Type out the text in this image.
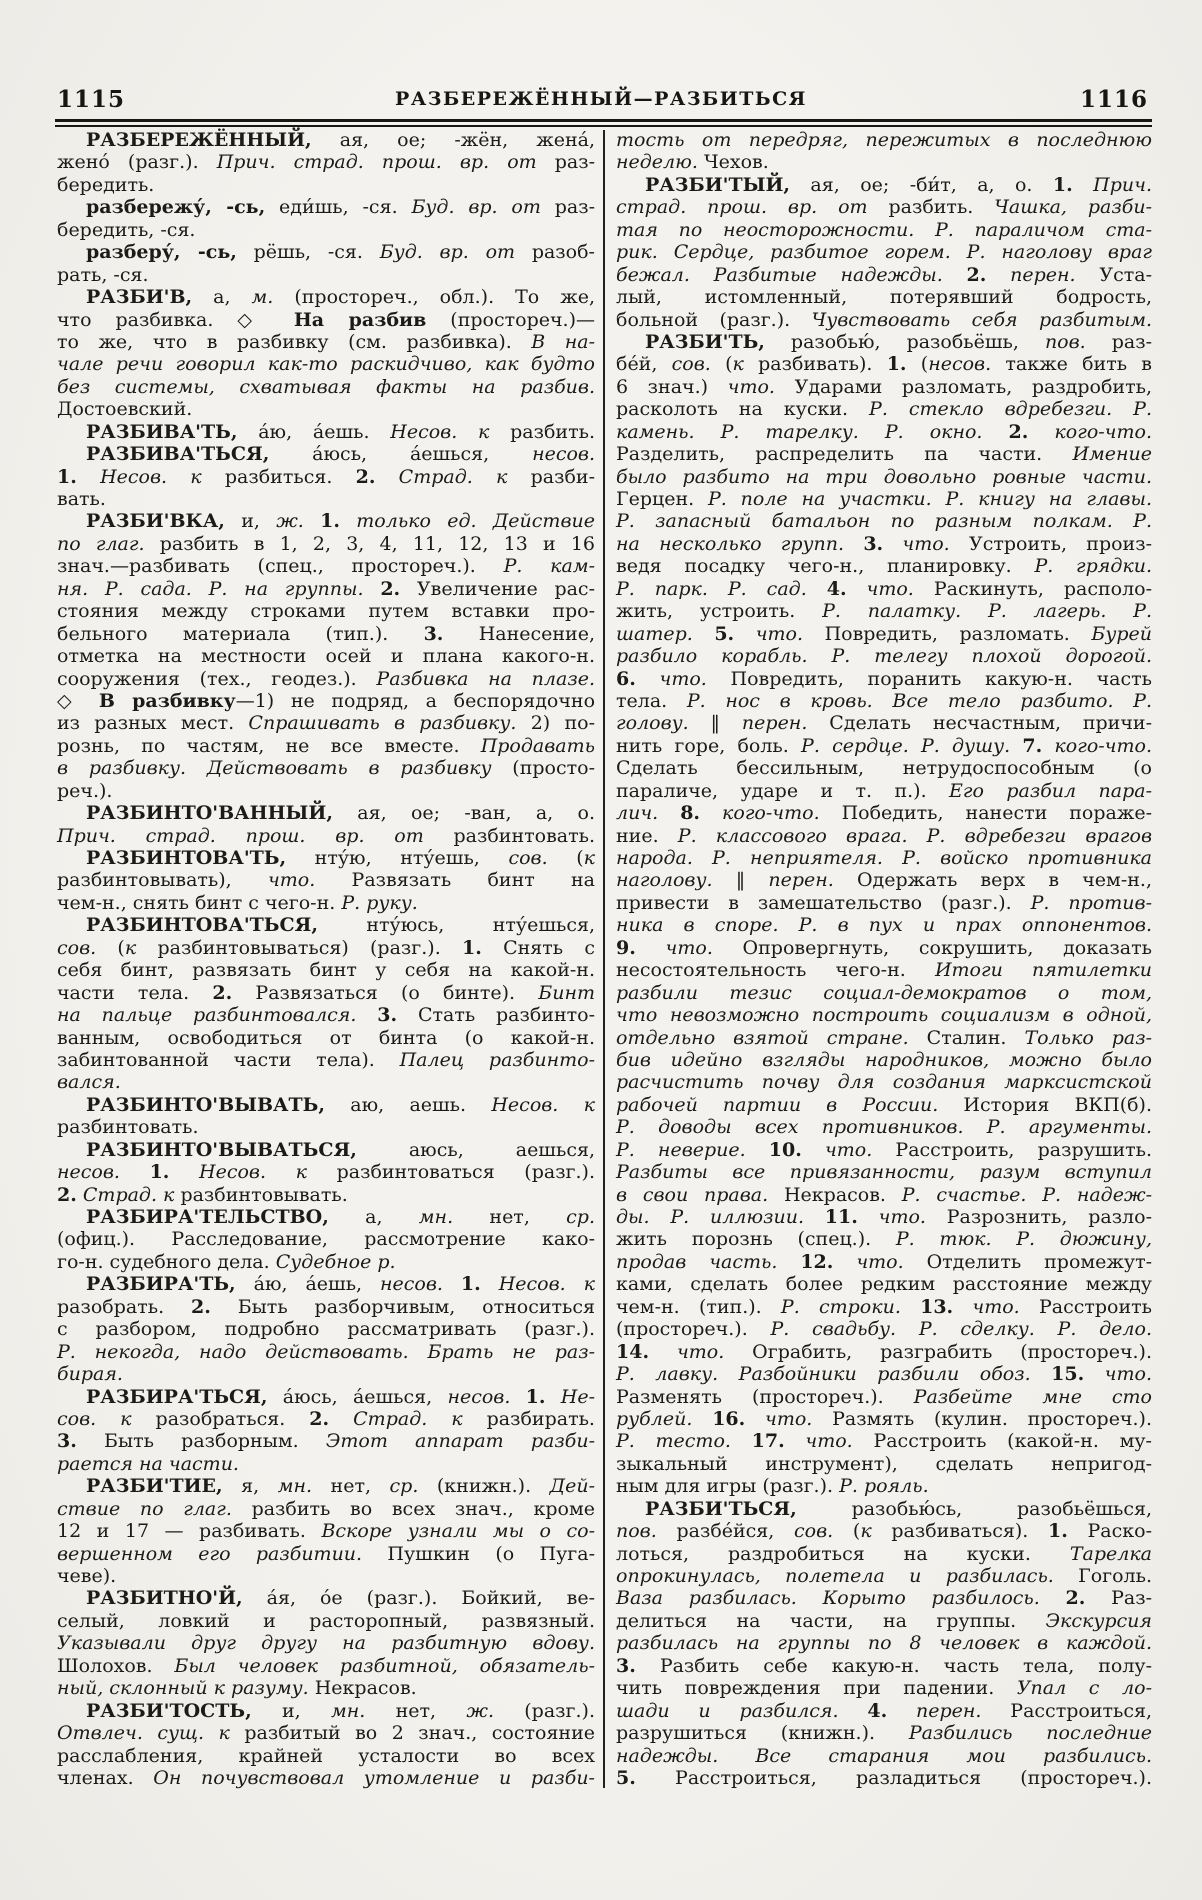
1115	РАЗБЕРЕЖЁННЫЙ—РАЗБИТЬСЯ	1116
РАЗБЕРЕЖЁННЫЙ, ая, ое; -жён, жена́,
жено́ (разг.). Прич. страд. прош. вр. от раз-
бередить.
разбережу́, -сь, еди́шь, -ся. Буд. вр. от раз-
бередить, -ся.
разберу́, -сь, рёшь, -ся. Буд. вр. от разоб-
рать, -ся.
РАЗБИ'В, а, м. (простореч., обл.). То же,
что разбивка. ◇ На разбив (простореч.)—
то же, что в разбивку (см. разбивка). В на-
чале речи говорил как-то раскидчиво, как будто
без системы, схватывая факты на разбив.
Достоевский.
РАЗБИВА'ТЬ, а́ю, а́ешь. Несов. к разбить.
РАЗБИВА'ТЬСЯ, а́юсь, а́ешься, несов.
1. Несов. к разбиться. 2. Страд. к разби-
вать.
РАЗБИ'ВКА, и, ж. 1. только ед. Действие
по глаг. разбить в 1, 2, 3, 4, 11, 12, 13 и 16
знач.—разбивать (спец., простореч.). Р. кам-
ня. Р. сада. Р. на группы. 2. Увеличение рас-
стояния между строками путем вставки про-
бельного материала (тип.). 3. Нанесение,
отметка на местности осей и плана какого-н.
сооружения (тех., геодез.). Разбивка на плазе.
◇ В разбивку—1) не подряд, а беспорядочно
из разных мест. Спрашивать в разбивку. 2) по-
рознь, по частям, не все вместе. Продавать
в разбивку. Действовать в разбивку (просто-
реч.).
РАЗБИНТО'ВАННЫЙ, ая, ое; -ван, а, о.
Прич. страд. прош. вр. от разбинтовать.
РАЗБИНТОВА'ТЬ, нту́ю, нту́ешь, сов. (к
разбинтовывать), что. Развязать бинт на
чем-н., снять бинт с чего-н. Р. руку.
РАЗБИНТОВА'ТЬСЯ, нту́юсь, нту́ешься,
сов. (к разбинтовываться) (разг.). 1. Снять с
себя бинт, развязать бинт у себя на какой-н.
части тела. 2. Развязаться (о бинте). Бинт
на пальце разбинтовался. 3. Стать разбинто-
ванным, освободиться от бинта (о какой-н.
забинтованной части тела). Палец разбинто-
вался.
РАЗБИНТО'ВЫВАТЬ, аю, аешь. Несов. к
разбинтовать.
РАЗБИНТО'ВЫВАТЬСЯ, аюсь, аешься,
несов. 1. Несов. к разбинтоваться (разг.).
2. Страд. к разбинтовывать.
РАЗБИРА'ТЕЛЬСТВО, а, мн. нет, ср.
(офиц.). Расследование, рассмотрение како-
го-н. судебного дела. Судебное р.
РАЗБИРА'ТЬ, а́ю, а́ешь, несов. 1. Несов. к
разобрать. 2. Быть разборчивым, относиться
с разбором, подробно рассматривать (разг.).
Р. некогда, надо действовать. Брать не раз-
бирая.
РАЗБИРА'ТЬСЯ, а́юсь, а́ешься, несов. 1. Не-
сов. к разобраться. 2. Страд. к разбирать.
3. Быть разборным. Этот аппарат разби-
рается на части.
РАЗБИ'ТИЕ, я, мн. нет, ср. (книжн.). Дей-
ствие по глаг. разбить во всех знач., кроме
12 и 17 — разбивать. Вскоре узнали мы о со-
вершенном его разбитии. Пушкин (о Пуга-
чеве).
РАЗБИТНО'Й, а́я, о́е (разг.). Бойкий, ве-
селый, ловкий и расторопный, развязный.
Указывали друг другу на разбитную вдову.
Шолохов. Был человек разбитной, обязатель-
ный, склонный к разуму. Некрасов.
РАЗБИ'ТОСТЬ, и, мн. нет, ж. (разг.).
Отвлеч. сущ. к разбитый во 2 знач., состояние
расслабления, крайней усталости во всех
членах. Он почувствовал утомление и разби-
тость от передряг, пережитых в последнюю
неделю. Чехов.
РАЗБИ'ТЫЙ, ая, ое; -би́т, а, о. 1. Прич.
страд. прош. вр. от разбить. Чашка, разби-
тая по неосторожности. Р. параличом ста-
рик. Сердце, разбитое горем. Р. наголову враг
бежал. Разбитые надежды. 2. перен. Уста-
лый, истомленный, потерявший бодрость,
больной (разг.). Чувствовать себя разбитым.
РАЗБИ'ТЬ, разобью́, разобьёшь, пов. раз-
бе́й, сов. (к разбивать). 1. (несов. также бить в
6 знач.) что. Ударами разломать, раздробить,
расколоть на куски. Р. стекло вдребезги. Р.
камень. Р. тарелку. Р. окно. 2. кого-что.
Разделить, распределить па части. Имение
было разбито на три довольно ровные части.
Герцен. Р. поле на участки. Р. книгу на главы.
Р. запасный батальон по разным полкам. Р.
на несколько групп. 3. что. Устроить, произ-
ведя посадку чего-н., планировку. Р. грядки.
Р. парк. Р. сад. 4. что. Раскинуть, располо-
жить, устроить. Р. палатку. Р. лагерь. Р.
шатер. 5. что. Повредить, разломать. Бурей
разбило корабль. Р. телегу плохой дорогой.
6. что. Повредить, поранить какую-н. часть
тела. Р. нос в кровь. Все тело разбито. Р.
голову. ‖ перен. Сделать несчастным, причи-
нить горе, боль. Р. сердце. Р. душу. 7. кого-что.
Сделать бессильным, нетрудоспособным (о
параличе, ударе и т. п.). Его разбил пара-
лич. 8. кого-что. Победить, нанести пораже-
ние. Р. классового врага. Р. вдребезги врагов
народа. Р. неприятеля. Р. войско противника
наголову. ‖ перен. Одержать верх в чем-н.,
привести в замешательство (разг.). Р. против-
ника в споре. Р. в пух и прах оппонентов.
9. что. Опровергнуть, сокрушить, доказать
несостоятельность чего-н. Итоги пятилетки
разбили тезис социал-демократов о том,
что невозможно построить социализм в одной,
отдельно взятой стране. Сталин. Только раз-
бив идейно взгляды народников, можно было
расчистить почву для создания марксистской
рабочей партии в России. История ВКП(б).
Р. доводы всех противников. Р. аргументы.
Р. неверие. 10. что. Расстроить, разрушить.
Разбиты все привязанности, разум вступил
в свои права. Некрасов. Р. счастье. Р. надеж-
ды. Р. иллюзии. 11. что. Разрознить, разло-
жить порознь (спец.). Р. тюк. Р. дюжину,
продав часть. 12. что. Отделить промежут-
ками, сделать более редким расстояние между
чем-н. (тип.). Р. строки. 13. что. Расстроить
(простореч.). Р. свадьбу. Р. сделку. Р. дело.
14. что. Ограбить, разграбить (простореч.).
Р. лавку. Разбойники разбили обоз. 15. что.
Разменять (простореч.). Разбейте мне сто
рублей. 16. что. Размять (кулин. простореч.).
Р. тесто. 17. что. Расстроить (какой-н. му-
зыкальный инструмент), сделать непригод-
ным для игры (разг.). Р. рояль.
РАЗБИ'ТЬСЯ, разобью́сь, разобьёшься,
пов. разбе́йся, сов. (к разбиваться). 1. Раско-
лоться, раздробиться на куски. Тарелка
опрокинулась, полетела и разбилась. Гоголь.
Ваза разбилась. Корыто разбилось. 2. Раз-
делиться на части, на группы. Экскурсия
разбилась на группы по 8 человек в каждой.
3. Разбить себе какую-н. часть тела, полу-
чить повреждения при падении. Упал с ло-
шади и разбился. 4. перен. Расстроиться,
разрушиться (книжн.). Разбились последние
надежды. Все старания мои разбились.
5. Расстроиться, разладиться (простореч.).
